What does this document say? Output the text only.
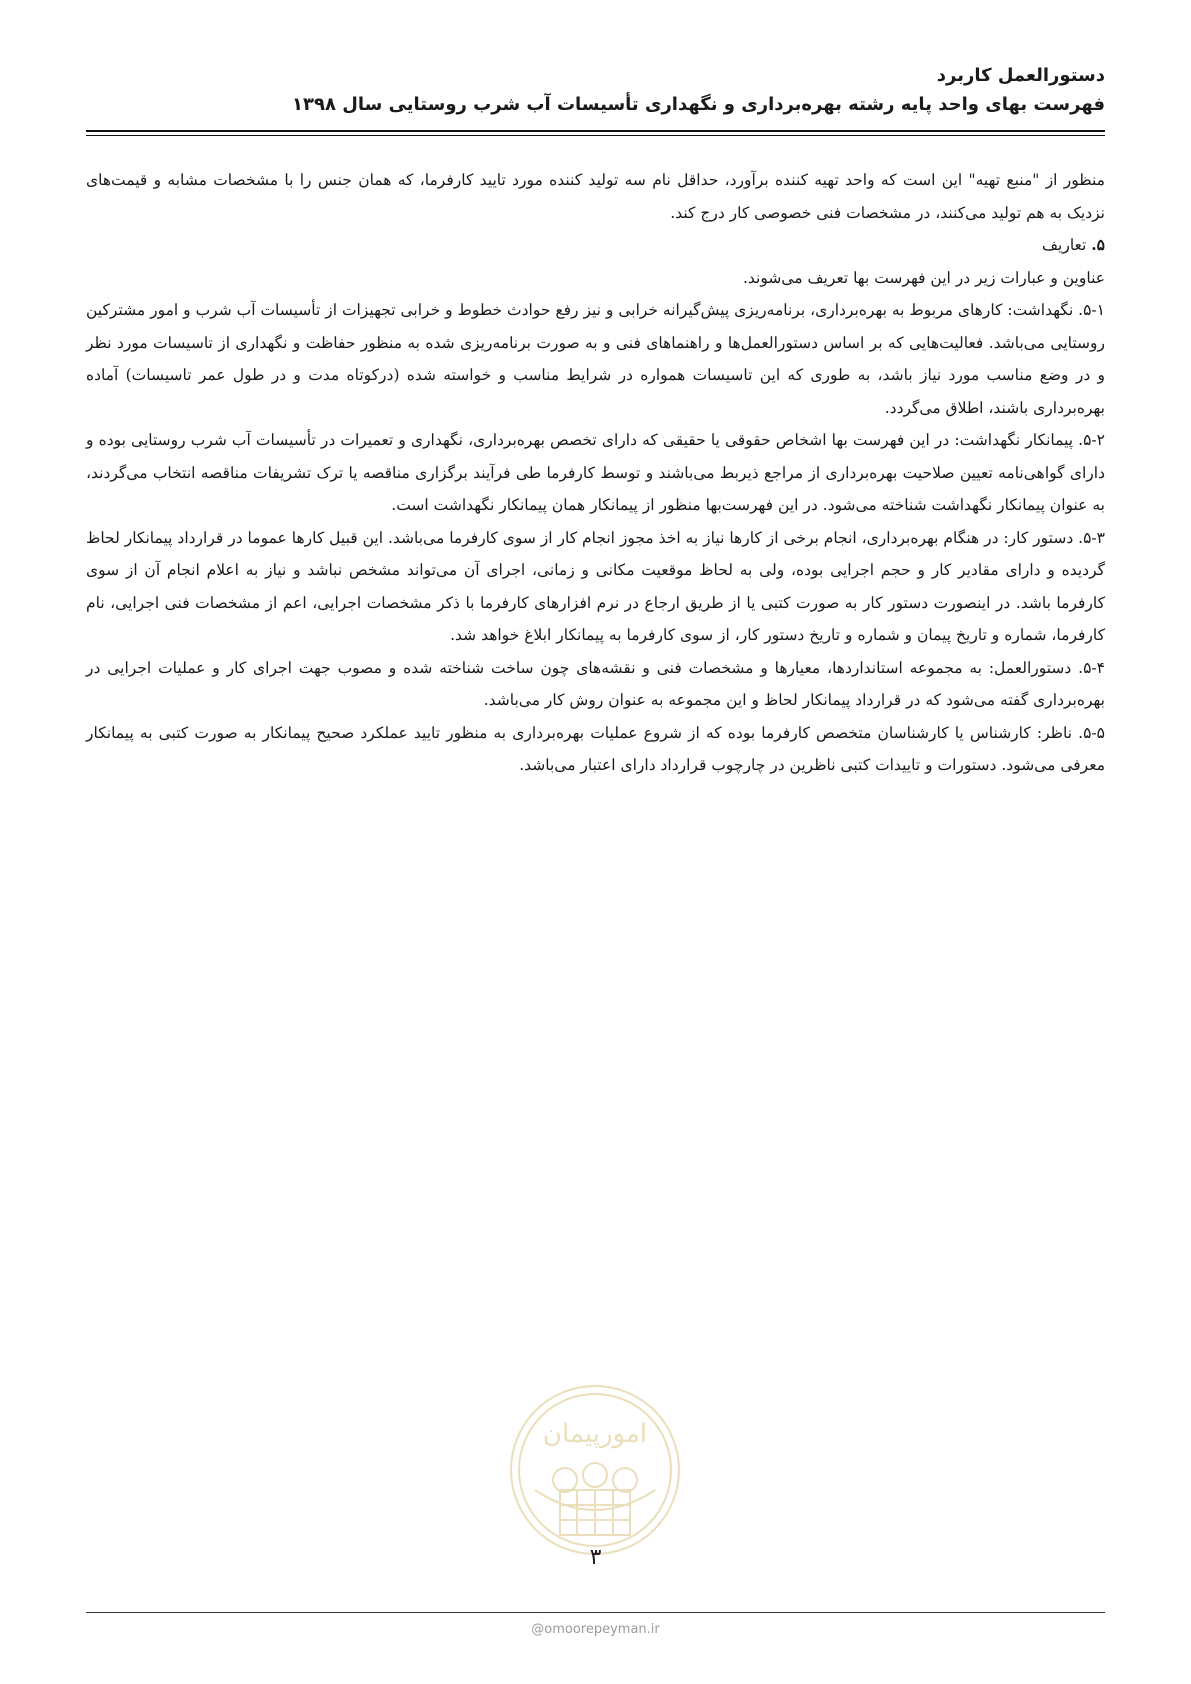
دستورالعمل کاربرد

فهرست بهای واحد پایه رشته بهره‌برداری و نگهداری تأسیسات آب شرب روستایی سال ۱۳۹۸

منظور از "منبع تهیه" این است که واحد تهیه کننده برآورد، حداقل نام سه تولید کننده مورد تایید کارفرما، که همان جنس را با مشخصات مشابه و قیمت‌های نزدیک به هم تولید می‌کنند، در مشخصات فنی خصوصی کار درج کند.

۵. تعاریف

عناوین و عبارات زیر در این فهرست بها تعریف می‌شوند.

۵-۱. نگهداشت: کارهای مربوط به بهره‌برداری، برنامه‌ریزی پیش‌گیرانه خرابی و نیز رفع حوادث خطوط و خرابی تجهیزات از تأسیسات آب شرب و امور مشترکین روستایی می‌باشد. فعالیت‌هایی که بر اساس دستورالعمل‌ها و راهنماهای فنی و به صورت برنامه‌ریزی شده به منظور حفاظت و نگهداری از تاسیسات مورد نظر و در وضع مناسب مورد نیاز باشد، به طوری که این تاسیسات همواره در شرایط مناسب و خواسته شده (درکوتاه مدت و در طول عمر تاسیسات) آماده بهره‌برداری باشند، اطلاق می‌گردد.

۵-۲. پیمانکار نگهداشت: در این فهرست بها اشخاص حقوقی یا حقیقی که دارای تخصص بهره‌برداری، نگهداری و تعمیرات در تأسیسات آب شرب روستایی بوده و دارای گواهی‌نامه تعیین صلاحیت بهره‌برداری از مراجع ذیربط می‌باشند و توسط کارفرما طی فرآیند برگزاری مناقصه یا ترک تشریفات مناقصه انتخاب می‌گردند، به عنوان پیمانکار نگهداشت شناخته می‌شود. در این فهرست‌بها منظور از پیمانکار همان پیمانکار نگهداشت است.

۵-۳. دستور کار: در هنگام بهره‌برداری، انجام برخی از کارها نیاز به اخذ مجوز انجام کار از سوی کارفرما می‌باشد. این قبیل کارها عموما در قرارداد پیمانکار لحاظ گردیده و دارای مقادیر کار و حجم اجرایی بوده، ولی به لحاظ موقعیت مکانی و زمانی، اجرای آن می‌تواند مشخص نباشد و نیاز به اعلام انجام آن از سوی کارفرما باشد. در اینصورت دستور کار به صورت کتبی یا از طریق ارجاع در نرم افزارهای کارفرما با ذکر مشخصات اجرایی، اعم از مشخصات فنی اجرایی، نام کارفرما، شماره و تاریخ پیمان و شماره و تاریخ دستور کار، از سوی کارفرما به پیمانکار ابلاغ خواهد شد.

۵-۴. دستورالعمل: به مجموعه استانداردها، معیارها و مشخصات فنی و نقشه‌های چون ساخت شناخته شده و مصوب جهت اجرای کار و عملیات اجرایی در بهره‌برداری گفته می‌شود که در قرارداد پیمانکار لحاظ و این مجموعه به عنوان روش کار می‌باشد.

۵-۵. ناظر: کارشناس یا کارشناسان متخصص کارفرما بوده که از شروع عملیات بهره‌برداری به منظور تایید عملکرد صحیح پیمانکار به صورت کتبی به پیمانکار معرفی می‌شود. دستورات و تاییدات کتبی ناظرین در چارچوب قرارداد دارای اعتبار می‌باشد.

امورپیمان
۳
@omoorepeyman.ir
